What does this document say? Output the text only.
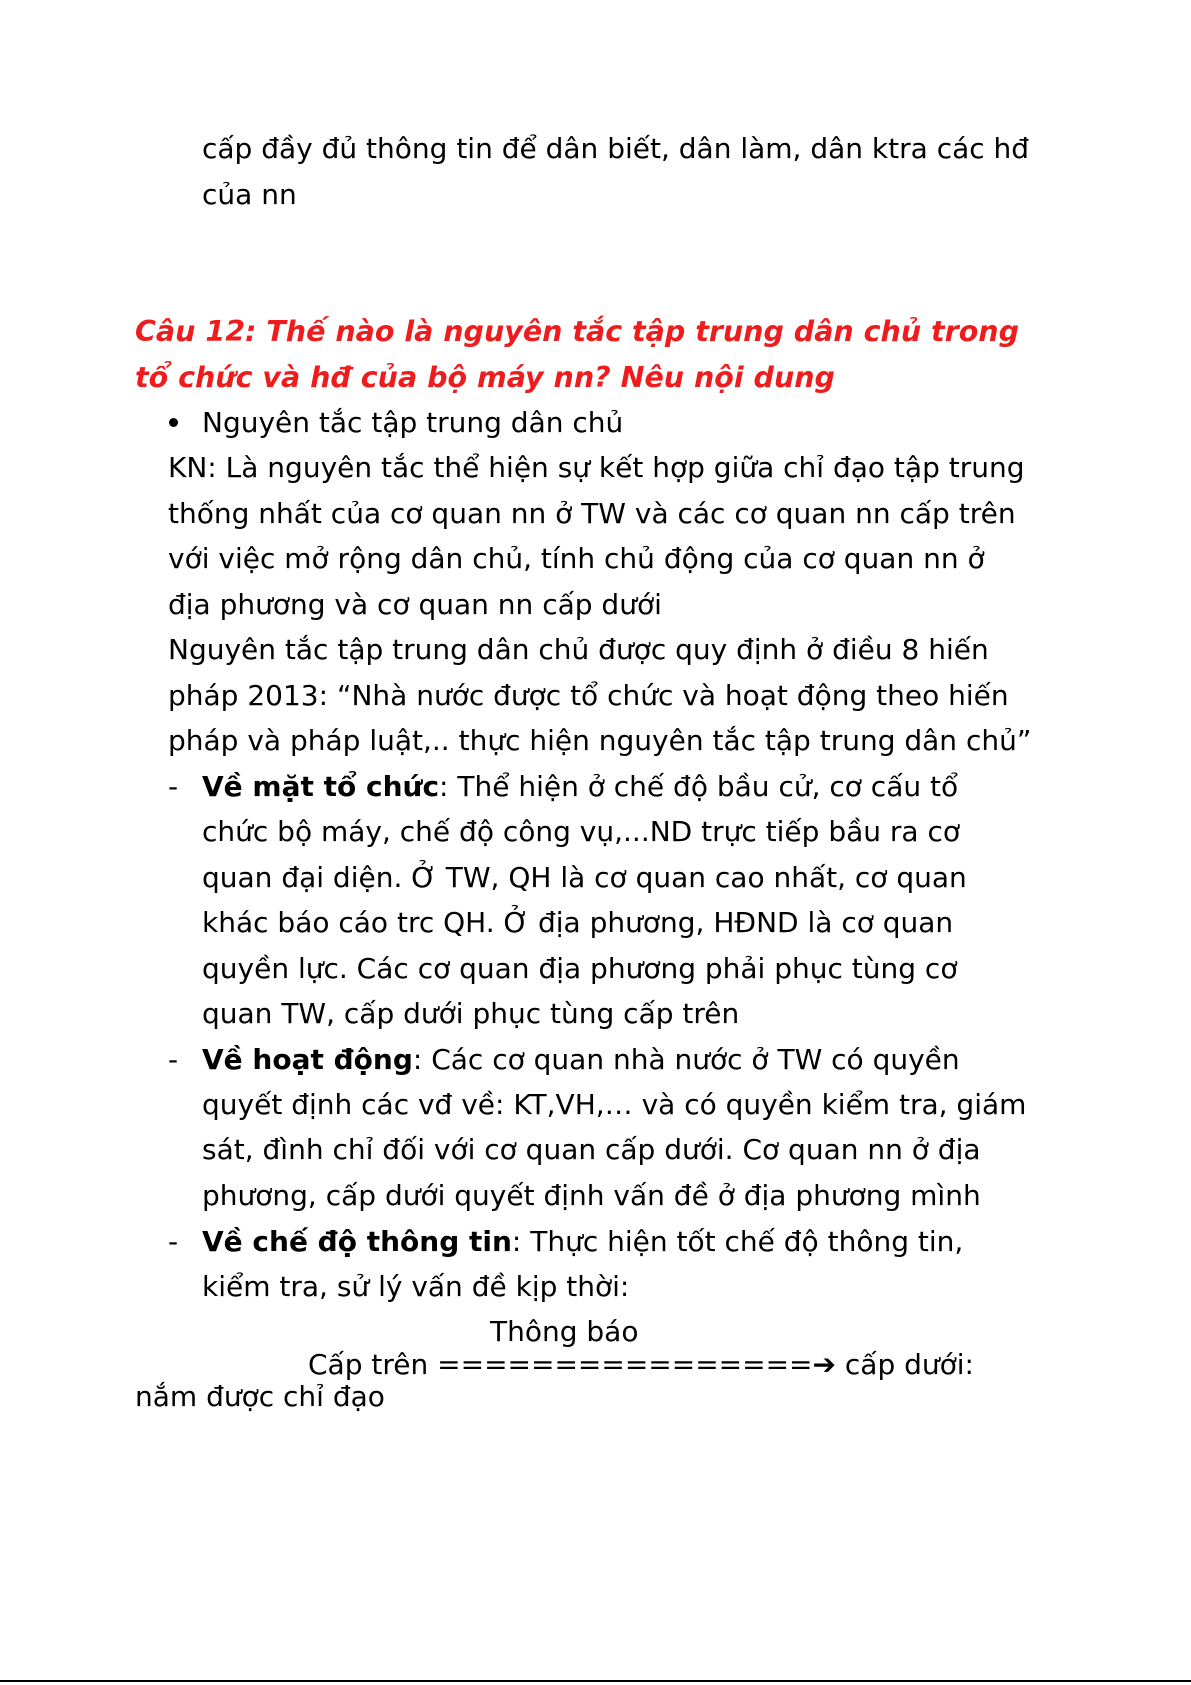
cấp đầy đủ thông tin để dân biết, dân làm, dân ktra các hđ
của nn
Câu 12: Thế nào là nguyên tắc tập trung dân chủ trong
tổ chức và hđ của bộ máy nn? Nêu nội dung
Nguyên tắc tập trung dân chủ
KN: Là nguyên tắc thể hiện sự kết hợp giữa chỉ đạo tập trung
thống nhất của cơ quan nn ở TW và các cơ quan nn cấp trên
với việc mở rộng dân chủ, tính chủ động của cơ quan nn ở
địa phương và cơ quan nn cấp dưới
Nguyên tắc tập trung dân chủ được quy định ở điều 8 hiến
pháp 2013: “Nhà nước được tổ chức và hoạt động theo hiến
pháp và pháp luật,.. thực hiện nguyên tắc tập trung dân chủ”
- Về mặt tổ chức: Thể hiện ở chế độ bầu cử, cơ cấu tổ
chức bộ máy, chế độ công vụ,...ND trực tiếp bầu ra cơ
quan đại diện. Ở TW, QH là cơ quan cao nhất, cơ quan
khác báo cáo trc QH. Ở địa phương, HĐND là cơ quan
quyền lực. Các cơ quan địa phương phải phục tùng cơ
quan TW, cấp dưới phục tùng cấp trên
- Về hoạt động: Các cơ quan nhà nước ở TW có quyền
quyết định các vđ về: KT,VH,… và có quyền kiểm tra, giám
sát, đình chỉ đối với cơ quan cấp dưới. Cơ quan nn ở địa
phương, cấp dưới quyết định vấn đề ở địa phương mình
- Về chế độ thông tin: Thực hiện tốt chế độ thông tin,
kiểm tra, sử lý vấn đề kịp thời:
Thông báo
Cấp trên ================➔ cấp dưới:
nắm được chỉ đạo
